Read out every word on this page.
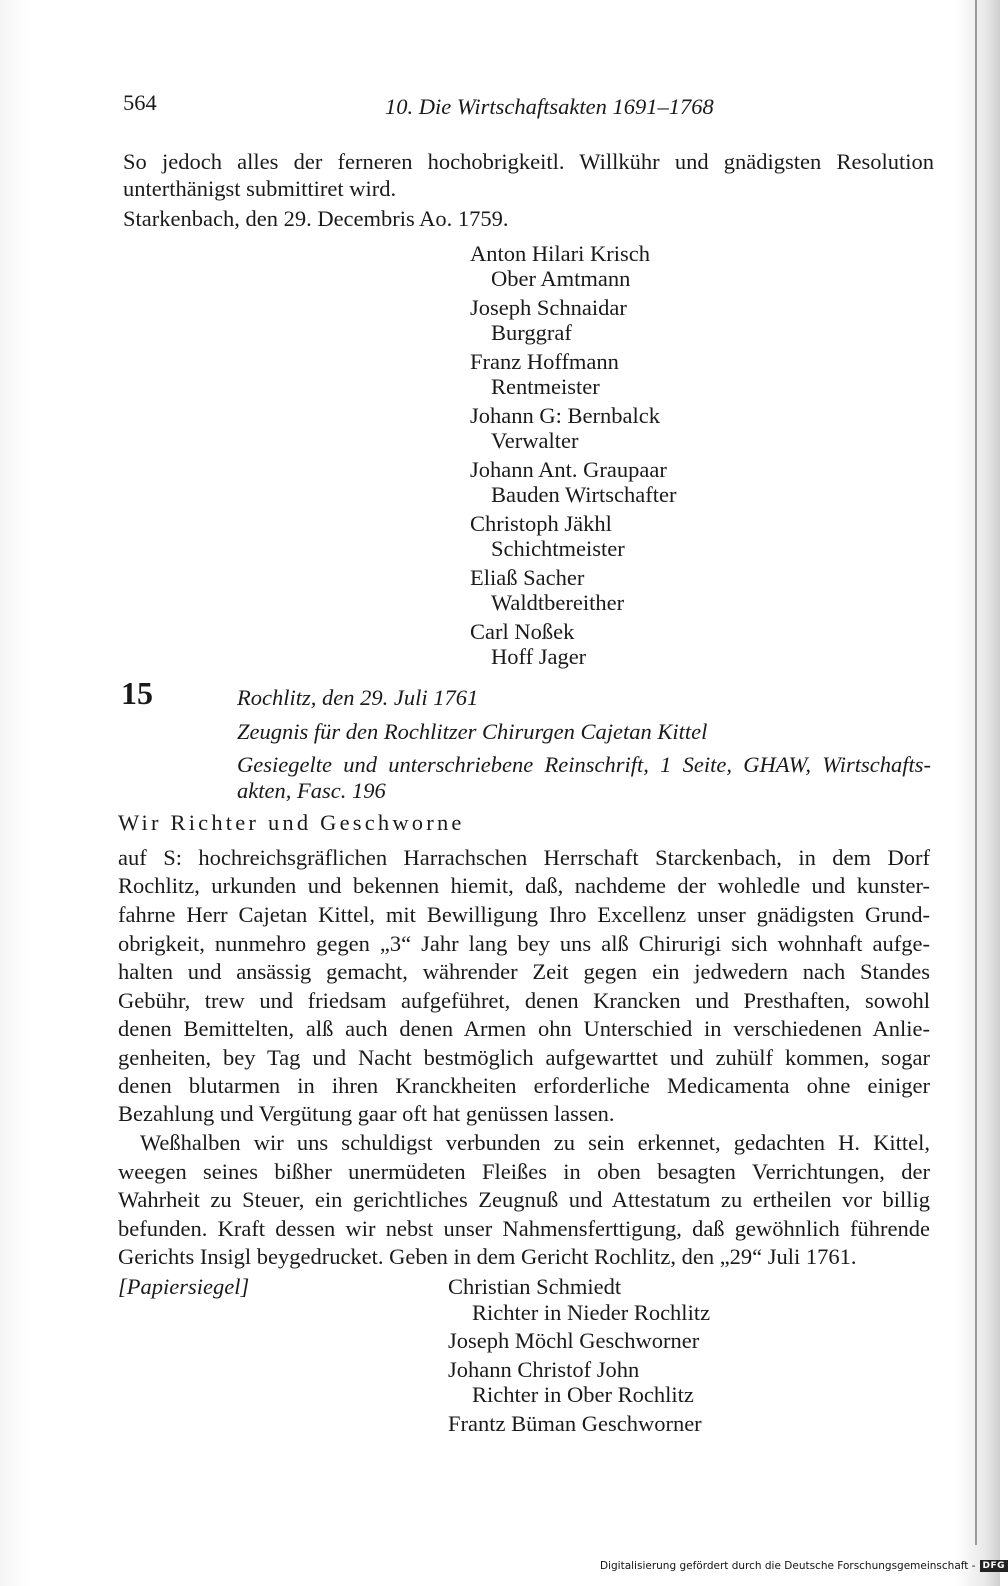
564	10. Die Wirtschaftsakten 1691–1768
So jedoch alles der ferneren hochobrigkeitl. Willkühr und gnädigsten Resolution
unterthänigst submittiret wird.
Starkenbach, den 29. Decembris Ao. 1759.
Anton Hilari Krisch
Ober Amtmann
Joseph Schnaidar
Burggraf
Franz Hoffmann
Rentmeister
Johann G: Bernbalck
Verwalter
Johann Ant. Graupaar
Bauden Wirtschafter
Christoph Jäkhl
Schichtmeister
Eliaß Sacher
Waldtbereither
Carl Noßek
Hoff Jager
15	Rochlitz, den 29. Juli 1761
Zeugnis für den Rochlitzer Chirurgen Cajetan Kittel
Gesiegelte und unterschriebene Reinschrift, 1 Seite, GHAW, Wirtschafts-
akten, Fasc. 196
Wir Richter und Geschworne
auf S: hochreichsgräflichen Harrachschen Herrschaft Starckenbach, in dem Dorf
Rochlitz, urkunden und bekennen hiemit, daß, nachdeme der wohledle und kunster-
fahrne Herr Cajetan Kittel, mit Bewilligung Ihro Excellenz unser gnädigsten Grund-
obrigkeit, nunmehro gegen „3“ Jahr lang bey uns alß Chirurigi sich wohnhaft aufge-
halten und ansässig gemacht, währender Zeit gegen ein jedwedern nach Standes
Gebühr, trew und friedsam aufgeführet, denen Krancken und Presthaften, sowohl
denen Bemittelten, alß auch denen Armen ohn Unterschied in verschiedenen Anlie-
genheiten, bey Tag und Nacht bestmöglich aufgewarttet und zuhülf kommen, sogar
denen blutarmen in ihren Kranckheiten erforderliche Medicamenta ohne einiger
Bezahlung und Vergütung gaar oft hat genüssen lassen.
Weßhalben wir uns schuldigst verbunden zu sein erkennet, gedachten H. Kittel,
weegen seines bißher unermüdeten Fleißes in oben besagten Verrichtungen, der
Wahrheit zu Steuer, ein gerichtliches Zeugnuß und Attestatum zu ertheilen vor billig
befunden. Kraft dessen wir nebst unser Nahmensferttigung, daß gewöhnlich führende
Gerichts Insigl beygedrucket. Geben in dem Gericht Rochlitz, den „29“ Juli 1761.
[Papiersiegel]	Christian Schmiedt
Richter in Nieder Rochlitz
Joseph Möchl Geschworner
Johann Christof John
Richter in Ober Rochlitz
Frantz Büman Geschworner
Digitalisierung gefördert durch die Deutsche Forschungsgemeinschaft - DFG
